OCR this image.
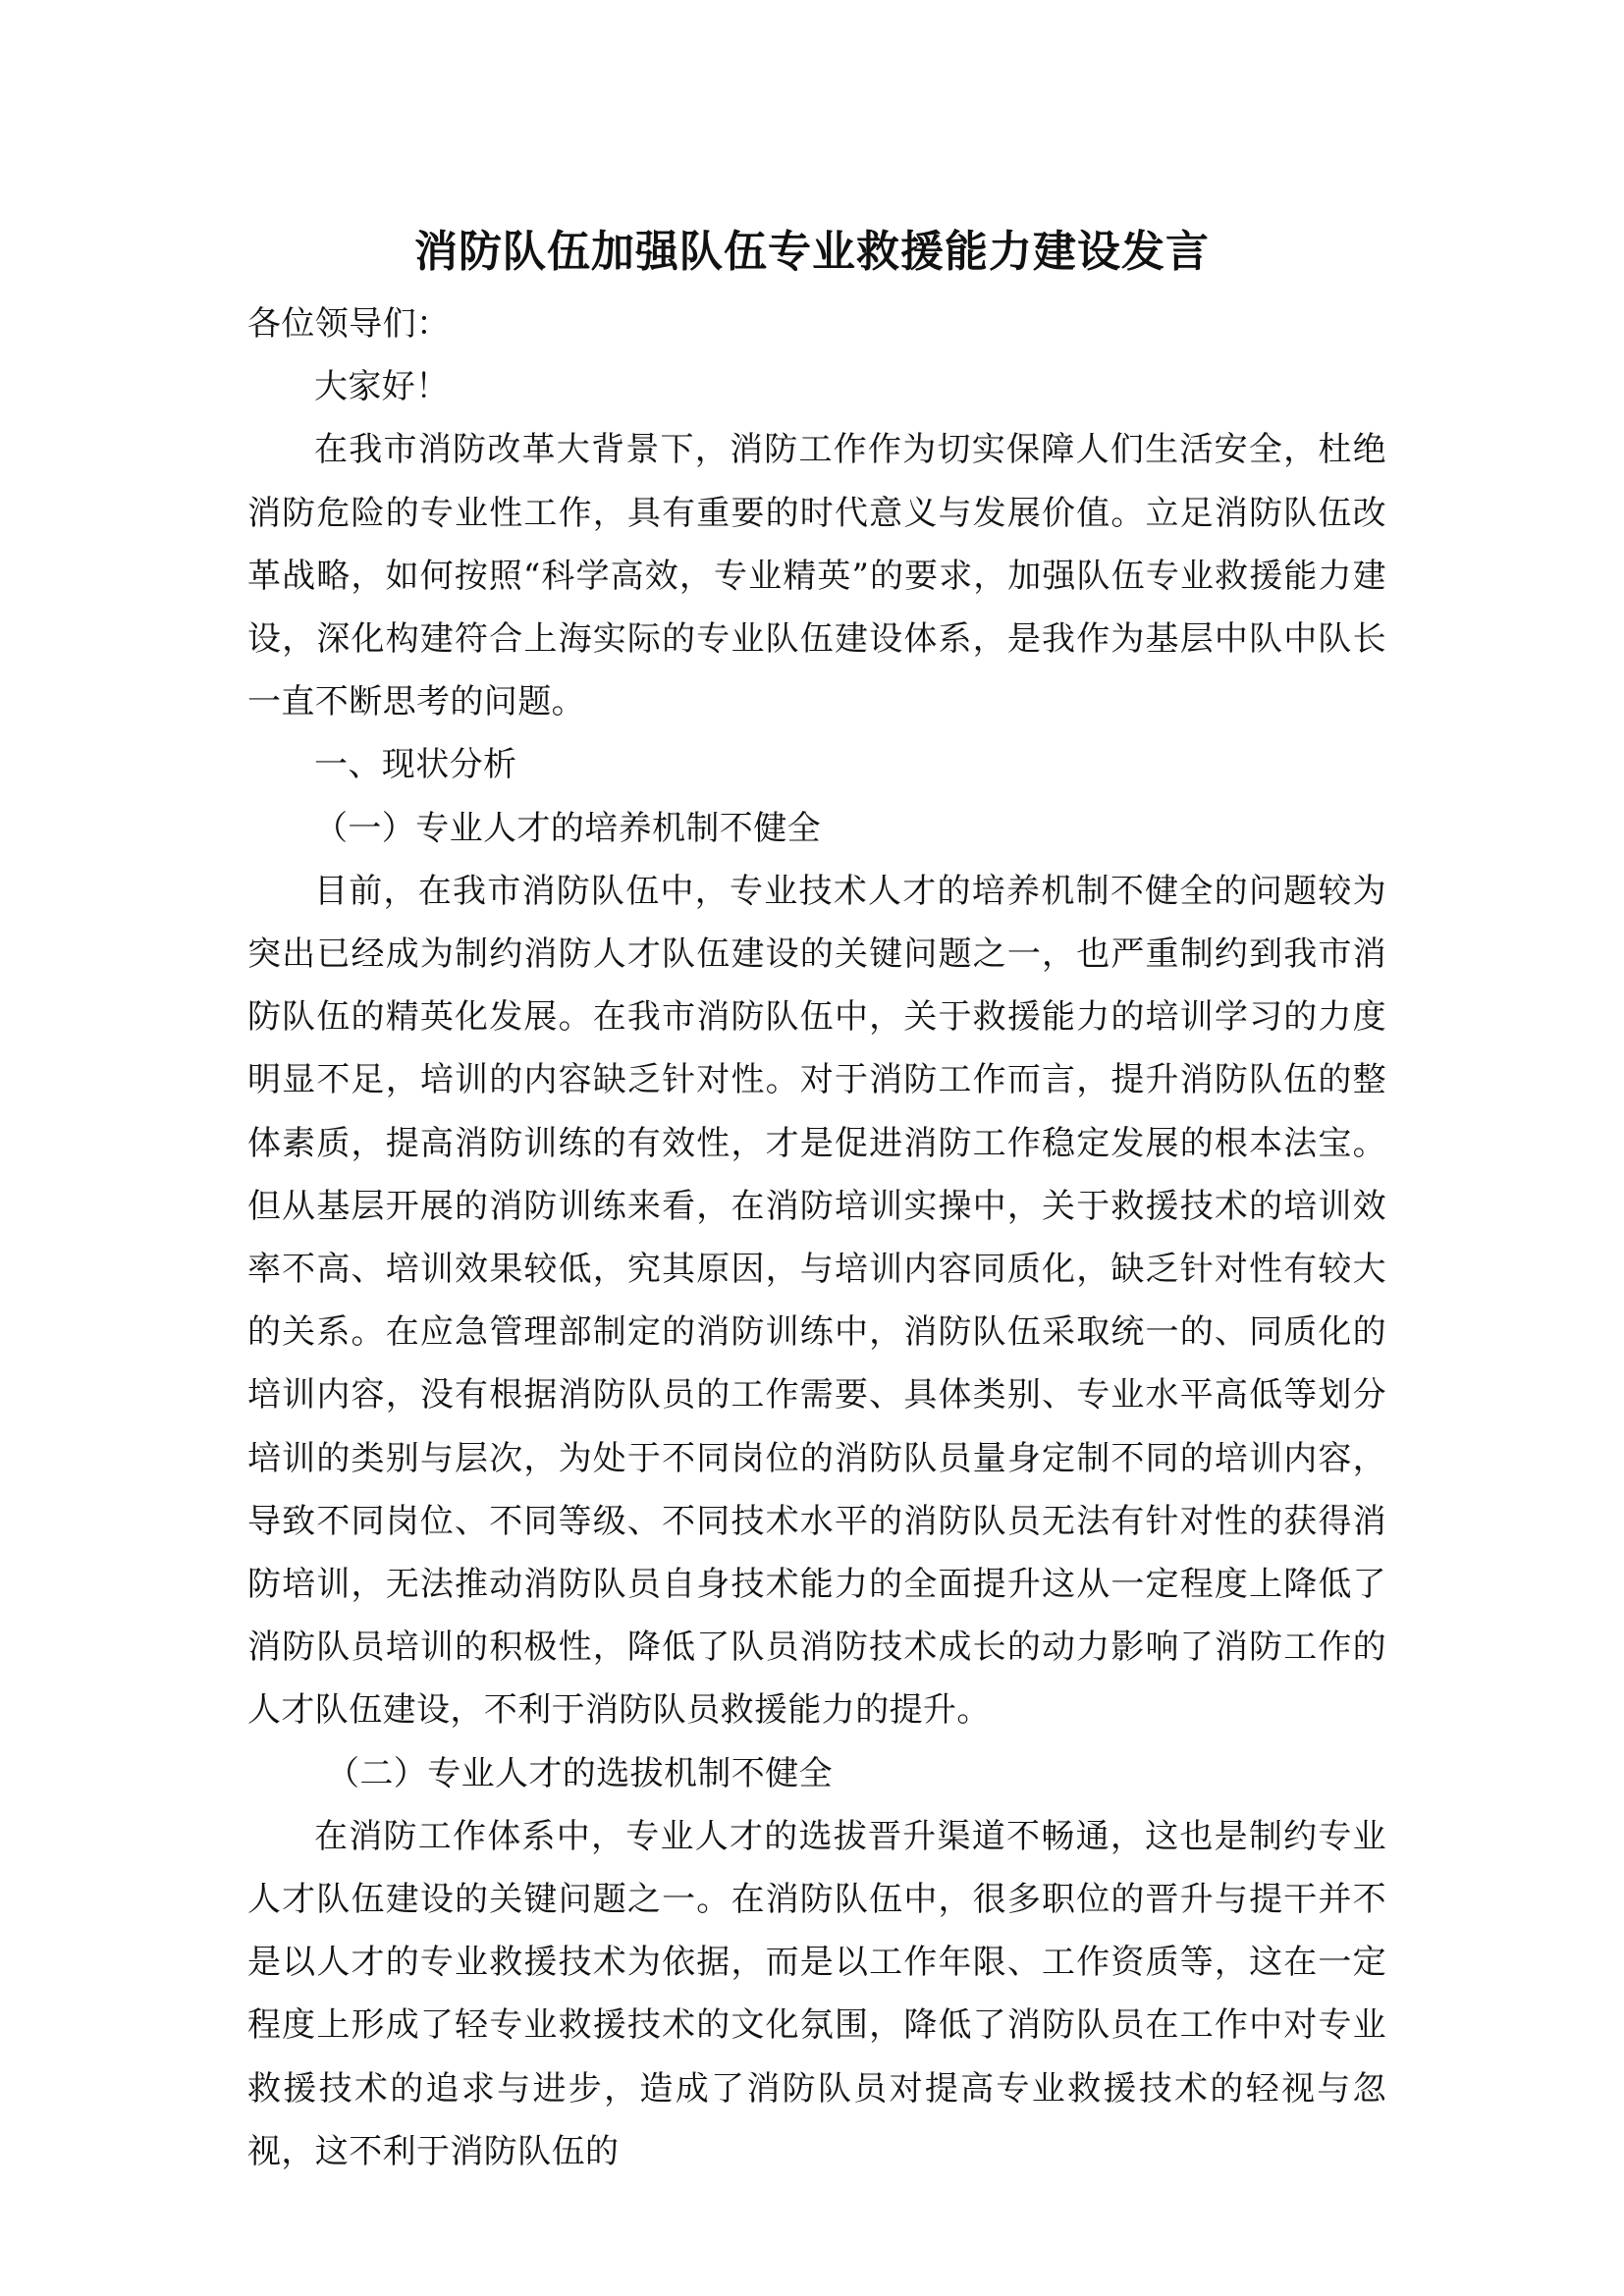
消防队伍加强队伍专业救援能力建设发言

各位领导们：

大家好！

在我市消防改革大背景下，消防工作作为切实保障人们生活安全，杜绝消防危险的专业性工作，具有重要的时代意义与发展价值。立足消防队伍改革战略，如何按照“科学高效，专业精英”的要求，加强队伍专业救援能力建设，深化构建符合上海实际的专业队伍建设体系，是我作为基层中队中队长一直不断思考的问题。

一、现状分析

（一）专业人才的培养机制不健全

目前，在我市消防队伍中，专业技术人才的培养机制不健全的问题较为突出已经成为制约消防人才队伍建设的关键问题之一，也严重制约到我市消防队伍的精英化发展。在我市消防队伍中，关于救援能力的培训学习的力度明显不足，培训的内容缺乏针对性。对于消防工作而言，提升消防队伍的整体素质，提高消防训练的有效性，才是促进消防工作稳定发展的根本法宝。但从基层开展的消防训练来看，在消防培训实操中，关于救援技术的培训效率不高、培训效果较低，究其原因，与培训内容同质化，缺乏针对性有较大的关系。在应急管理部制定的消防训练中，消防队伍采取统一的、同质化的培训内容，没有根据消防队员的工作需要、具体类别、专业水平高低等划分培训的类别与层次，为处于不同岗位的消防队员量身定制不同的培训内容，导致不同岗位、不同等级、不同技术水平的消防队员无法有针对性的获得消防培训，无法推动消防队员自身技术能力的全面提升这从一定程度上降低了消防队员培训的积极性，降低了队员消防技术成长的动力影响了消防工作的人才队伍建设，不利于消防队员救援能力的提升。

（二）专业人才的选拔机制不健全

在消防工作体系中，专业人才的选拔晋升渠道不畅通，这也是制约专业人才队伍建设的关键问题之一。在消防队伍中，很多职位的晋升与提干并不是以人才的专业救援技术为依据，而是以工作年限、工作资质等，这在一定程度上形成了轻专业救援技术的文化氛围，降低了消防队员在工作中对专业救援技术的追求与进步，造成了消防队员对提高专业救援技术的轻视与忽视，这不利于消防队伍的
